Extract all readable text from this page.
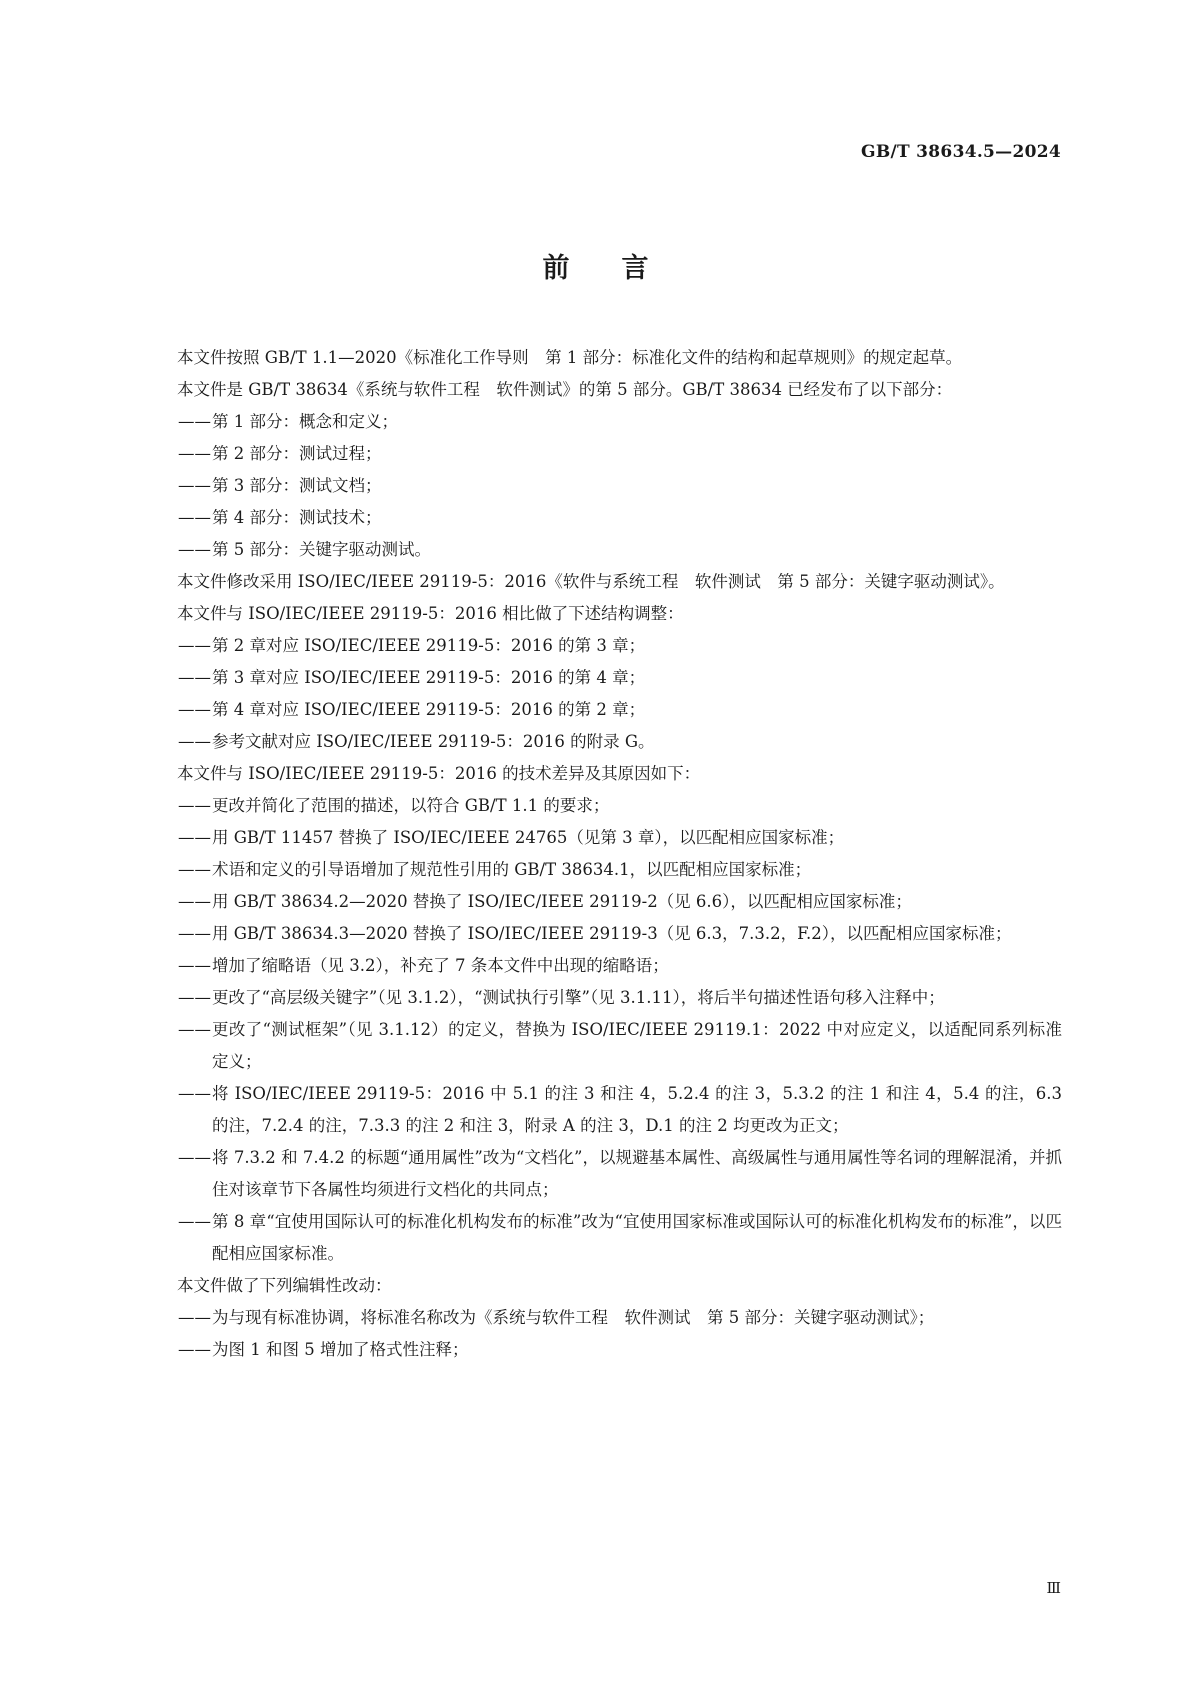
GB/T 38634.5—2024
前 言

本文件按照 GB/T 1.1—2020《标准化工作导则　第 1 部分：标准化文件的结构和起草规则》的规定起草。

本文件是 GB/T 38634《系统与软件工程　软件测试》的第 5 部分。GB/T 38634 已经发布了以下部分：

—— 第 1 部分：概念和定义；
—— 第 2 部分：测试过程；
—— 第 3 部分：测试文档；
—— 第 4 部分：测试技术；
—— 第 5 部分：关键字驱动测试。

本文件修改采用 ISO/IEC/IEEE 29119-5：2016《软件与系统工程　软件测试　第 5 部分：关键字驱动测试》。

本文件与 ISO/IEC/IEEE 29119-5：2016 相比做了下述结构调整：

—— 第 2 章对应 ISO/IEC/IEEE 29119-5：2016 的第 3 章；
—— 第 3 章对应 ISO/IEC/IEEE 29119-5：2016 的第 4 章；
—— 第 4 章对应 ISO/IEC/IEEE 29119-5：2016 的第 2 章；
—— 参考文献对应 ISO/IEC/IEEE 29119-5：2016 的附录 G。

本文件与 ISO/IEC/IEEE 29119-5：2016 的技术差异及其原因如下：

—— 更改并简化了范围的描述，以符合 GB/T 1.1 的要求；
—— 用 GB/T 11457 替换了 ISO/IEC/IEEE 24765（见第 3 章），以匹配相应国家标准；
—— 术语和定义的引导语增加了规范性引用的 GB/T 38634.1，以匹配相应国家标准；
—— 用 GB/T 38634.2—2020 替换了 ISO/IEC/IEEE 29119-2（见 6.6），以匹配相应国家标准；
—— 用 GB/T 38634.3—2020 替换了 ISO/IEC/IEEE 29119-3（见 6.3，7.3.2，F.2），以匹配相应国家标准；
—— 增加了缩略语（见 3.2），补充了 7 条本文件中出现的缩略语；
—— 更改了“高层级关键字”（见 3.1.2），“测试执行引擎”（见 3.1.11），将后半句描述性语句移入注释中；
—— 更改了“测试框架”（见 3.1.12）的定义，替换为 ISO/IEC/IEEE 29119.1：2022 中对应定义，以适配同系列标准定义；
—— 将 ISO/IEC/IEEE 29119-5：2016 中 5.1 的注 3 和注 4，5.2.4 的注 3，5.3.2 的注 1 和注 4，5.4 的注，6.3 的注，7.2.4 的注，7.3.3 的注 2 和注 3，附录 A 的注 3，D.1 的注 2 均更改为正文；
—— 将 7.3.2 和 7.4.2 的标题“通用属性”改为“文档化”，以规避基本属性、高级属性与通用属性等名词的理解混淆，并抓住对该章节下各属性均须进行文档化的共同点；
—— 第 8 章“宜使用国际认可的标准化机构发布的标准”改为“宜使用国家标准或国际认可的标准化机构发布的标准”，以匹配相应国家标准。

本文件做了下列编辑性改动：

—— 为与现有标准协调，将标准名称改为《系统与软件工程　软件测试　第 5 部分：关键字驱动测试》；
—— 为图 1 和图 5 增加了格式性注释；
Ⅲ
